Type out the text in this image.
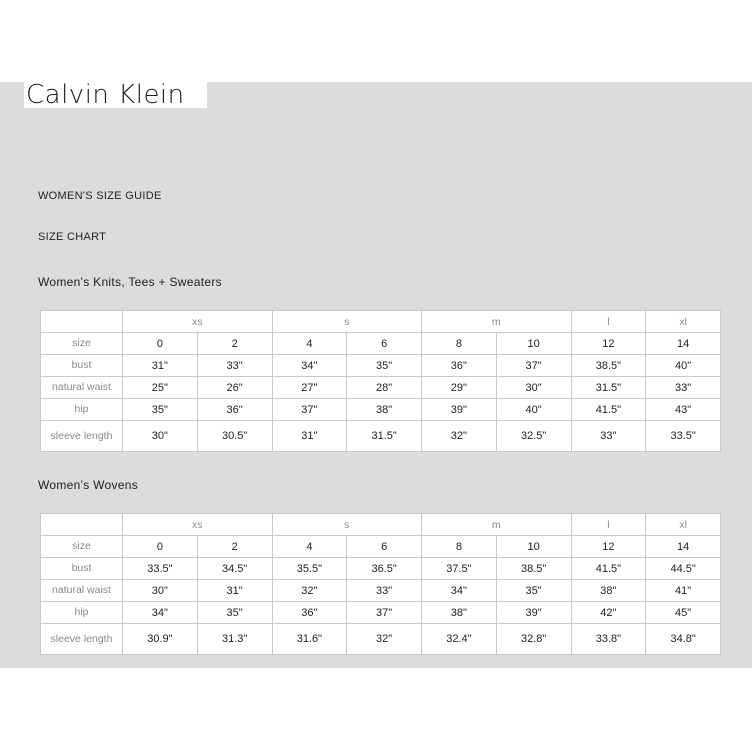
Calvin Klein
WOMEN'S SIZE GUIDE
SIZE CHART
Women's Knits, Tees + Sweaters
	xs		s		m		l	xl
size	0	2	4	6	8	10	12	14
bust	31"	33"	34"	35"	36"	37"	38.5"	40"
natural waist	25"	26"	27"	28"	29"	30"	31.5"	33"
hip	35"	36"	37"	38"	39"	40"	41.5"	43"
sleeve length	30"	30.5"	31"	31.5"	32"	32.5"	33"	33.5"
Women's Wovens
	xs		s		m		l	xl
size	0	2	4	6	8	10	12	14
bust	33.5"	34.5"	35.5"	36.5"	37.5"	38.5"	41.5"	44.5"
natural waist	30"	31"	32"	33"	34"	35"	38"	41"
hip	34"	35"	36"	37"	38"	39"	42"	45"
sleeve length	30.9"	31.3"	31.6"	32"	32.4"	32.8"	33.8"	34.8"
